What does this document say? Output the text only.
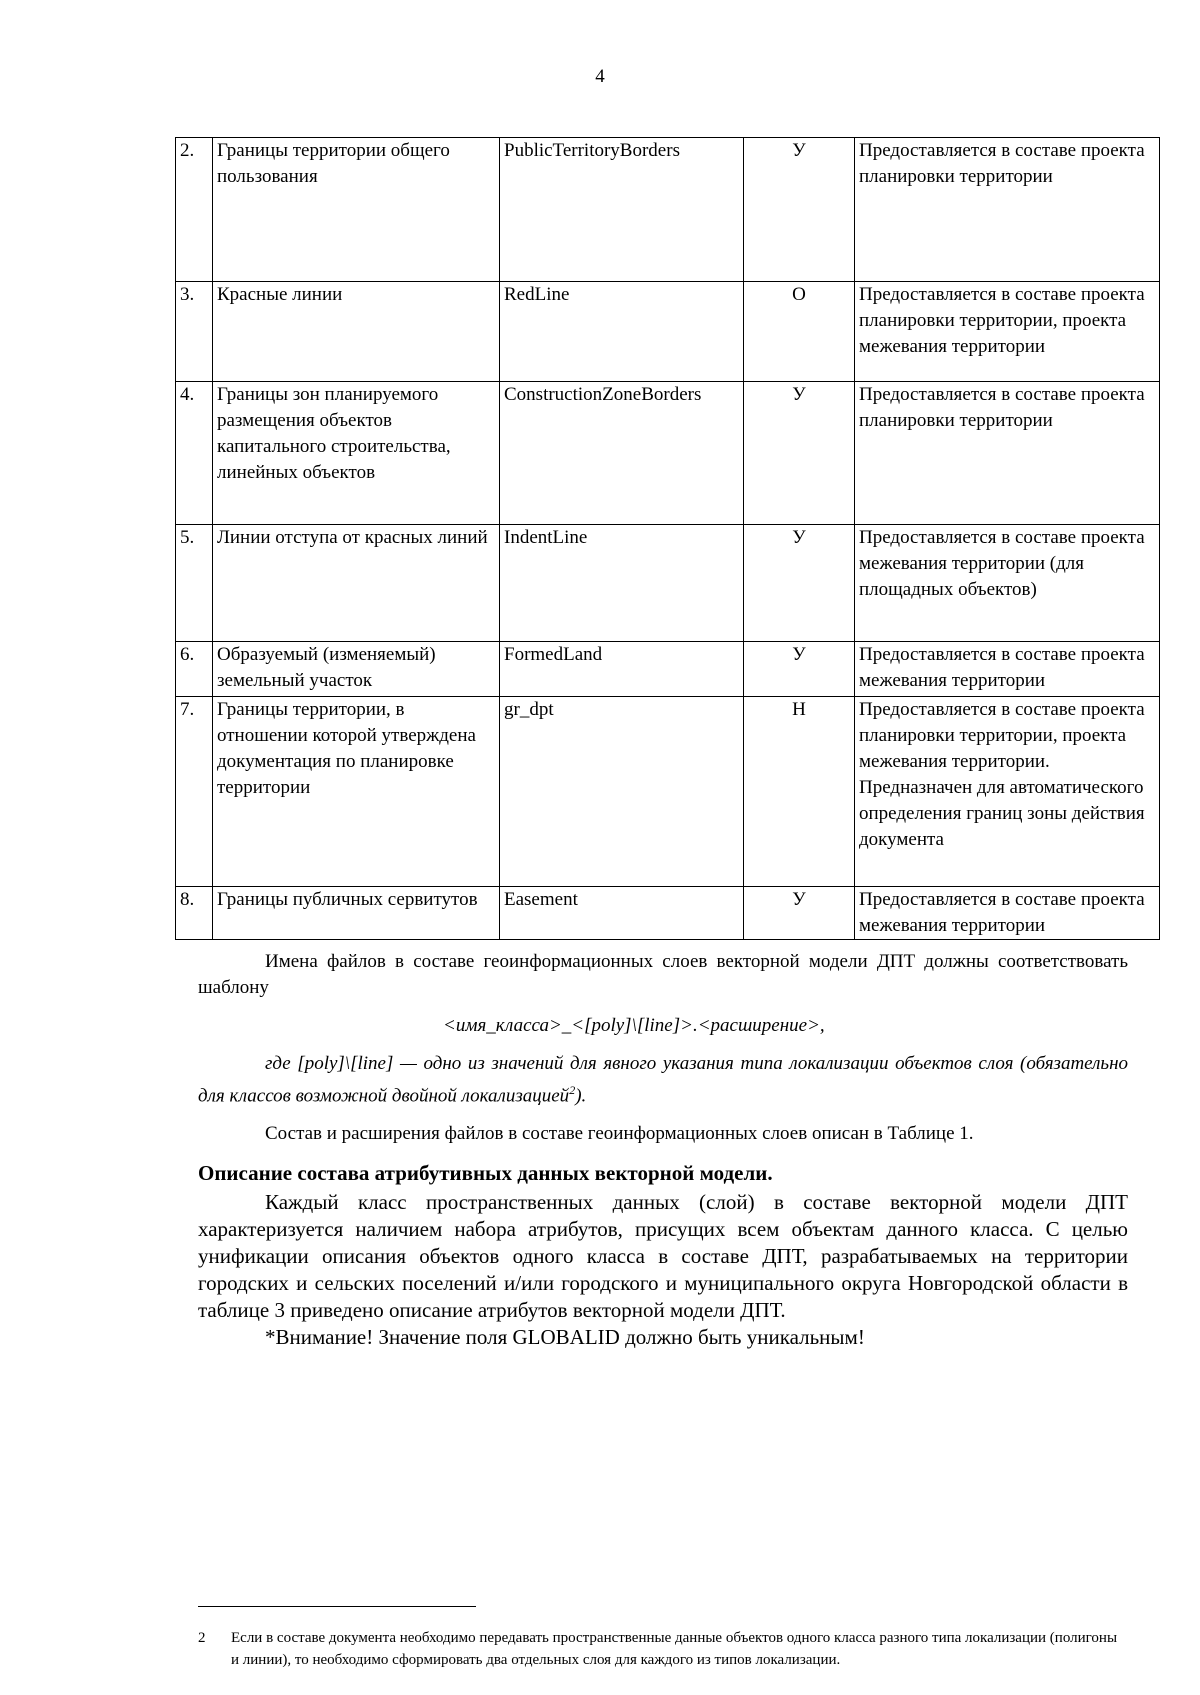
4
2.	Границы территории общего пользования	PublicTerritoryBorders	У	Предоставляется в составе проекта планировки территории
3.	Красные линии	RedLine	О	Предоставляется в составе проекта планировки территории, проекта межевания территории
4.	Границы зон планируемого размещения объектов капитального строительства, линейных объектов	ConstructionZoneBorders	У	Предоставляется в составе проекта планировки территории
5.	Линии отступа от красных линий	IndentLine	У	Предоставляется в составе проекта межевания территории (для площадных объектов)
6.	Образуемый (изменяемый) земельный участок	FormedLand	У	Предоставляется в составе проекта межевания территории
7.	Границы территории, в отношении которой утверждена документация по планировке территории	gr_dpt	Н	Предоставляется в составе проекта планировки территории, проекта межевания территории. Предназначен для автоматического определения границ зоны действия документа
8.	Границы публичных сервитутов	Easement	У	Предоставляется в составе проекта межевания территории

Имена файлов в составе геоинформационных слоев векторной модели ДПТ должны соответствовать шаблону

<имя_класса>_<[poly]\[line]>.<расширение>,

где [poly]\[line] — одно из значений для явного указания типа локализации объектов слоя (обязательно для классов возможной двойной локализацией$^2$).

Состав и расширения файлов в составе геоинформационных слоев описан в Таблице 1.

Описание состава атрибутивных данных векторной модели.

Каждый класс пространственных данных (слой) в составе векторной модели ДПТ характеризуется наличием набора атрибутов, присущих всем объектам данного класса. С целью унификации описания объектов одного класса в составе ДПТ, разрабатываемых на территории городских и сельских поселений и/или городского и муниципального округа Новгородской области в таблице 3 приведено описание атрибутов векторной модели ДПТ.

*Внимание! Значение поля GLOBALID должно быть уникальным!

2	Если в составе документа необходимо передавать пространственные данные объектов одного класса разного типа локализации (полигоны и линии), то необходимо сформировать два отдельных слоя для каждого из типов локализации.
